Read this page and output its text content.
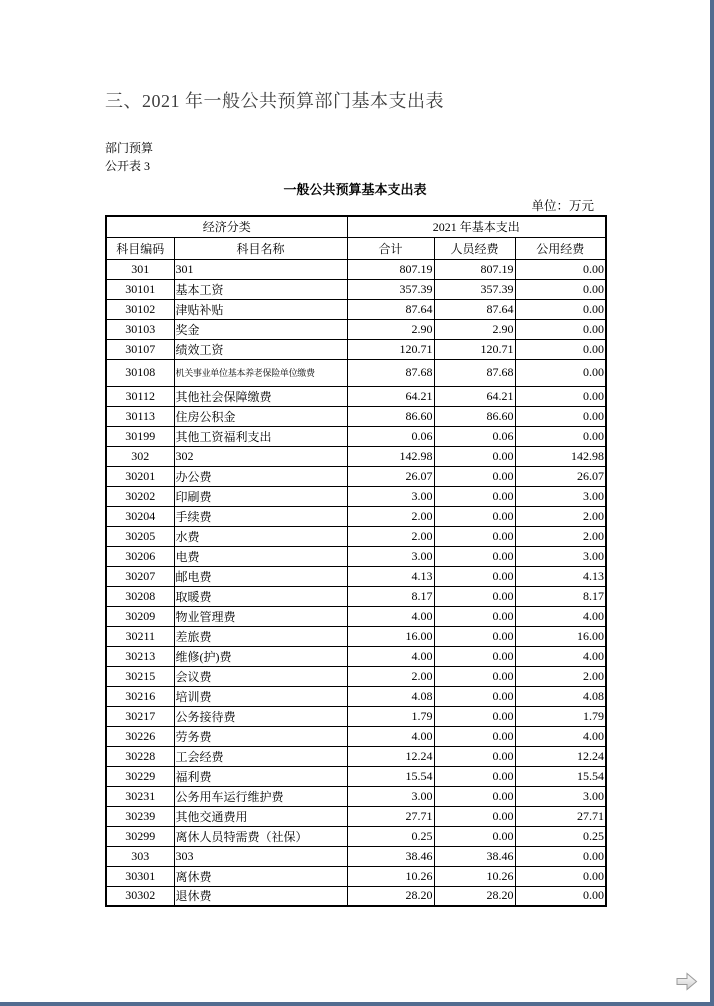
三、2021 年一般公共预算部门基本支出表
部门预算
公开表 3
一般公共预算基本支出表
单位：万元
经济分类		2021 年基本支出		
科目编码	科目名称	合计	人员经费	公用经费
301	301	807.19	807.19	0.00
30101	基本工资	357.39	357.39	0.00
30102	津贴补贴	87.64	87.64	0.00
30103	奖金	2.90	2.90	0.00
30107	绩效工资	120.71	120.71	0.00
30108	机关事业单位基本养老保险单位缴费	87.68	87.68	0.00
30112	其他社会保障缴费	64.21	64.21	0.00
30113	住房公积金	86.60	86.60	0.00
30199	其他工资福利支出	0.06	0.06	0.00
302	302	142.98	0.00	142.98
30201	办公费	26.07	0.00	26.07
30202	印刷费	3.00	0.00	3.00
30204	手续费	2.00	0.00	2.00
30205	水费	2.00	0.00	2.00
30206	电费	3.00	0.00	3.00
30207	邮电费	4.13	0.00	4.13
30208	取暖费	8.17	0.00	8.17
30209	物业管理费	4.00	0.00	4.00
30211	差旅费	16.00	0.00	16.00
30213	维修(护)费	4.00	0.00	4.00
30215	会议费	2.00	0.00	2.00
30216	培训费	4.08	0.00	4.08
30217	公务接待费	1.79	0.00	1.79
30226	劳务费	4.00	0.00	4.00
30228	工会经费	12.24	0.00	12.24
30229	福利费	15.54	0.00	15.54
30231	公务用车运行维护费	3.00	0.00	3.00
30239	其他交通费用	27.71	0.00	27.71
30299	离休人员特需费（社保）	0.25	0.00	0.25
303	303	38.46	38.46	0.00
30301	离休费	10.26	10.26	0.00
30302	退休费	28.20	28.20	0.00
